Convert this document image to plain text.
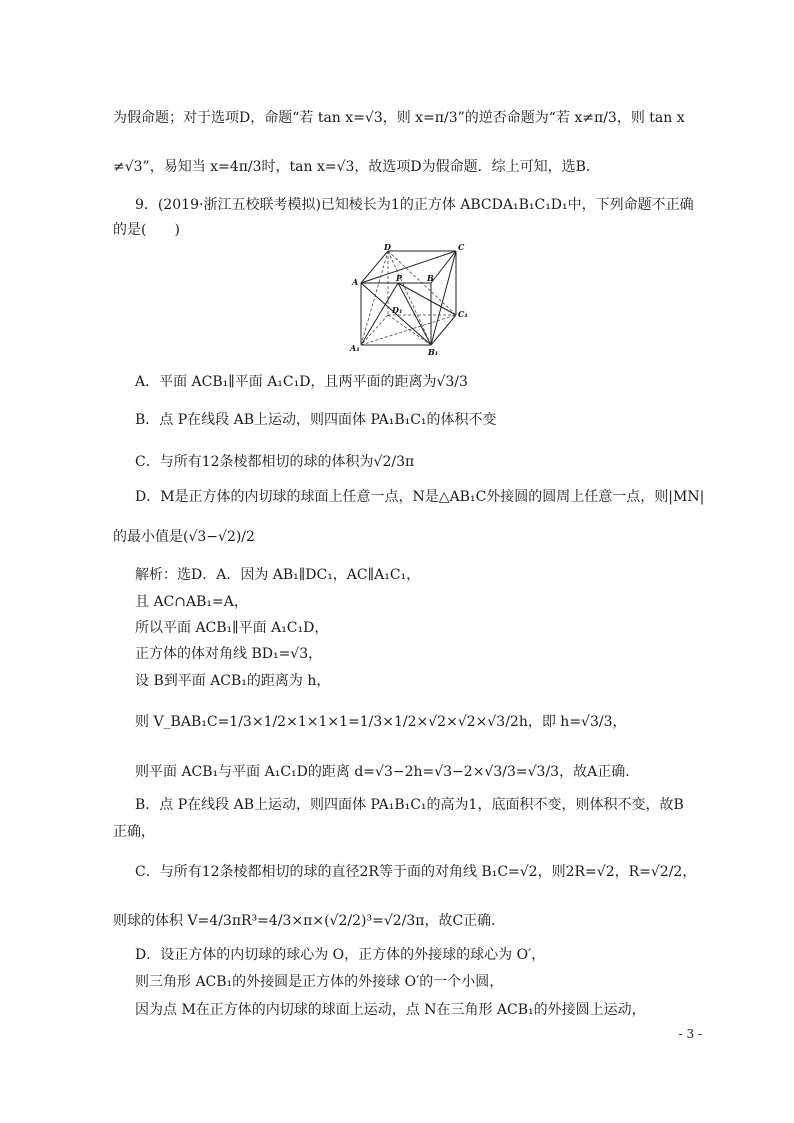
为假命题；对于选项D，命题“若 tan x=√3，则 x=π/3”的逆否命题为“若 x≠π/3，则 tan x
≠√3”，易知当 x=4π/3时，tan x=√3，故选项D为假命题．综上可知，选B．
9．(2019·浙江五校联考模拟)已知棱长为1的正方体 ABCDA₁B₁C₁D₁中，下列命题不正确
的是(　　)
D	C
A	P	B
D₁	C₁
A₁	B₁
A．平面 ACB₁∥平面 A₁C₁D，且两平面的距离为√3/3
B．点 P在线段 AB上运动，则四面体 PA₁B₁C₁的体积不变
C．与所有12条棱都相切的球的体积为√2/3π
D．M是正方体的内切球的球面上任意一点，N是△AB₁C外接圆的圆周上任意一点，则|MN|
的最小值是(√3−√2)/2
解析：选D．A．因为 AB₁∥DC₁，AC∥A₁C₁，
且 AC∩AB₁=A，
所以平面 ACB₁∥平面 A₁C₁D，
正方体的体对角线 BD₁=√3，
设 B到平面 ACB₁的距离为 h，
则 V_BAB₁C=1/3×1/2×1×1×1=1/3×1/2×√2×√2×√3/2h，即 h=√3/3，
则平面 ACB₁与平面 A₁C₁D的距离 d=√3−2h=√3−2×√3/3=√3/3，故A正确．
B．点 P在线段 AB上运动，则四面体 PA₁B₁C₁的高为1，底面积不变，则体积不变，故B
正确，
C．与所有12条棱都相切的球的直径2R等于面的对角线 B₁C=√2，则2R=√2，R=√2/2，
则球的体积 V=4/3πR³=4/3×π×(√2/2)³=√2/3π，故C正确．
D．设正方体的内切球的球心为 O，正方体的外接球的球心为 O′，
则三角形 ACB₁的外接圆是正方体的外接球 O′的一个小圆，
因为点 M在正方体的内切球的球面上运动，点 N在三角形 ACB₁的外接圆上运动，
- 3 -
